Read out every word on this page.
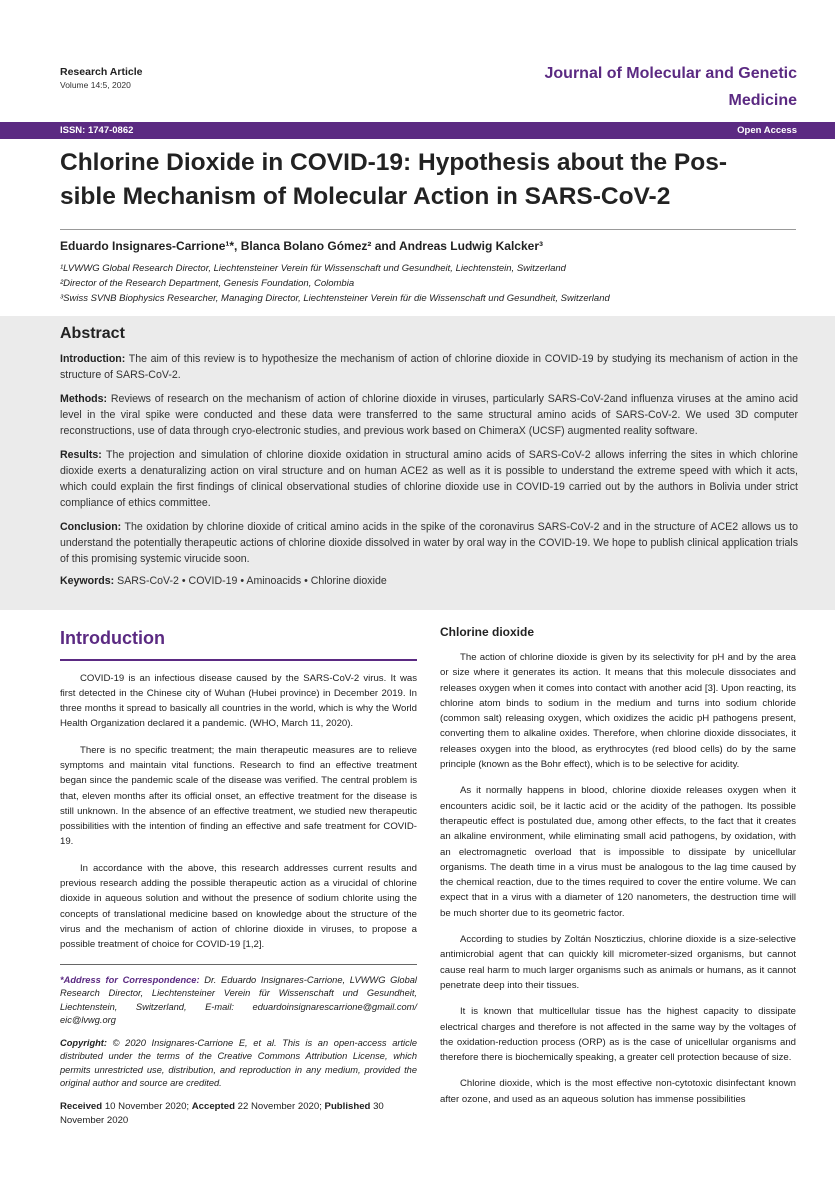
Research Article
Volume 14:5, 2020
Journal of Molecular and Genetic
Medicine
ISSN: 1747-0862	Open Access
Chlorine Dioxide in COVID-19: Hypothesis about the Pos-
sible Mechanism of Molecular Action in SARS-CoV-2
Eduardo Insignares-Carrione¹*, Blanca Bolano Gómez² and Andreas Ludwig Kalcker³
¹LVWWG Global Research Director, Liechtensteiner Verein für Wissenschaft und Gesundheit, Liechtenstein, Switzerland
²Director of the Research Department, Genesis Foundation, Colombia
³Swiss SVNB Biophysics Researcher, Managing Director, Liechtensteiner Verein für die Wissenschaft und Gesundheit, Switzerland
Abstract

Introduction: The aim of this review is to hypothesize the mechanism of action of chlorine dioxide in COVID-19 by studying its mechanism of action in the structure of SARS-CoV-2.

Methods: Reviews of research on the mechanism of action of chlorine dioxide in viruses, particularly SARS-CoV-2and influenza viruses at the amino acid level in the viral spike were conducted and these data were transferred to the same structural amino acids of SARS-CoV-2. We used 3D computer reconstructions, use of data through cryo-electronic studies, and previous work based on ChimeraX (UCSF) augmented reality software.

Results: The projection and simulation of chlorine dioxide oxidation in structural amino acids of SARS-CoV-2 allows inferring the sites in which chlorine dioxide exerts a denaturalizing action on viral structure and on human ACE2 as well as it is possible to understand the extreme speed with which it acts, which could explain the first findings of clinical observational studies of chlorine dioxide use in COVID-19 carried out by the authors in Bolivia under strict compliance of ethics committee.

Conclusion: The oxidation by chlorine dioxide of critical amino acids in the spike of the coronavirus SARS-CoV-2 and in the structure of ACE2 allows us to understand the potentially therapeutic actions of chlorine dioxide dissolved in water by oral way in the COVID-19. We hope to publish clinical application trials of this promising systemic virucide soon.

Keywords: SARS-CoV-2 • COVID-19 • Aminoacids • Chlorine dioxide
Introduction

COVID-19 is an infectious disease caused by the SARS-CoV-2 virus. It was first detected in the Chinese city of Wuhan (Hubei province) in December 2019. In three months it spread to basically all countries in the world, which is why the World Health Organization declared it a pandemic. (WHO, March 11, 2020).

There is no specific treatment; the main therapeutic measures are to relieve symptoms and maintain vital functions. Research to find an effective treatment began since the pandemic scale of the disease was verified. The central problem is that, eleven months after its official onset, an effective treatment for the disease is still unknown. In the absence of an effective treatment, we studied new therapeutic possibilities with the intention of finding an effective and safe treatment for COVID-19.

In accordance with the above, this research addresses current results and previous research adding the possible therapeutic action as a virucidal of chlorine dioxide in aqueous solution and without the presence of sodium chlorite using the concepts of translational medicine based on knowledge about the structure of the virus and the mechanism of action of chlorine dioxide in viruses, to propose a possible treatment of choice for COVID-19 [1,2].

*Address for Correspondence: Dr. Eduardo Insignares-Carrione, LVWWG Global Research Director, Liechtensteiner Verein für Wissenschaft und Gesundheit, Liechtenstein, Switzerland, E-mail: eduardoinsignarescarrione@gmail.com/ eic@lvwg.org

Copyright: © 2020 Insignares-Carrione E, et al. This is an open-access article distributed under the terms of the Creative Commons Attribution License, which permits unrestricted use, distribution, and reproduction in any medium, provided the original author and source are credited.

Received 10 November 2020; Accepted 22 November 2020; Published 30 November 2020
Chlorine dioxide

The action of chlorine dioxide is given by its selectivity for pH and by the area or size where it generates its action. It means that this molecule dissociates and releases oxygen when it comes into contact with another acid [3]. Upon reacting, its chlorine atom binds to sodium in the medium and turns into sodium chloride (common salt) releasing oxygen, which oxidizes the acidic pH pathogens present, converting them to alkaline oxides. Therefore, when chlorine dioxide dissociates, it releases oxygen into the blood, as erythrocytes (red blood cells) do by the same principle (known as the Bohr effect), which is to be selective for acidity.

As it normally happens in blood, chlorine dioxide releases oxygen when it encounters acidic soil, be it lactic acid or the acidity of the pathogen. Its possible therapeutic effect is postulated due, among other effects, to the fact that it creates an alkaline environment, while eliminating small acid pathogens, by oxidation, with an electromagnetic overload that is impossible to dissipate by unicellular organisms. The death time in a virus must be analogous to the lag time caused by the chemical reaction, due to the times required to cover the entire volume. We can expect that in a virus with a diameter of 120 nanometers, the destruction time will be much shorter due to its geometric factor.

According to studies by Zoltán Noszticzius, chlorine dioxide is a size-selective antimicrobial agent that can quickly kill micrometer-sized organisms, but cannot cause real harm to much larger organisms such as animals or humans, as it cannot penetrate deep into their tissues.

It is known that multicellular tissue has the highest capacity to dissipate electrical charges and therefore is not affected in the same way by the voltages of the oxidation-reduction process (ORP) as is the case of unicellular organisms and therefore there is biochemically speaking, a greater cell protection because of size.

Chlorine dioxide, which is the most effective non-cytotoxic disinfectant known after ozone, and used as an aqueous solution has immense possibilities
